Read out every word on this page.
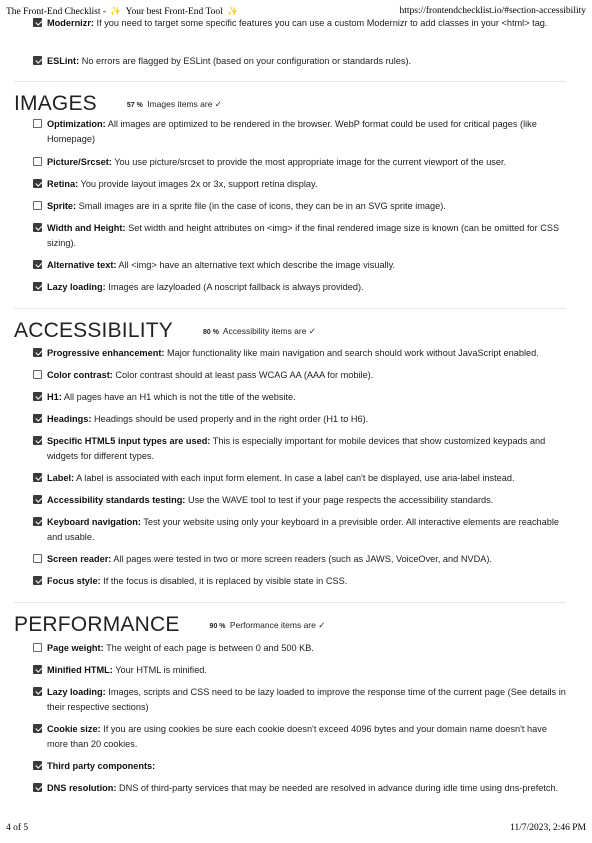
The Front-End Checklist - ✨ Your best Front-End Tool ✨	https://frontendchecklist.io/#section-accessibility
Modernizr: If you need to target some specific features you can use a custom Modernizr to add classes in your <html> tag.
ESLint: No errors are flagged by ESLint (based on your configuration or standards rules).
IMAGES	57 % Images items are ✓
Optimization: All images are optimized to be rendered in the browser. WebP format could be used for critical pages (like Homepage)
Picture/Srcset: You use picture/srcset to provide the most appropriate image for the current viewport of the user.
Retina: You provide layout images 2x or 3x, support retina display.
Sprite: Small images are in a sprite file (in the case of icons, they can be in an SVG sprite image).
Width and Height: Set width and height attributes on <img> if the final rendered image size is known (can be omitted for CSS sizing).
Alternative text: All <img> have an alternative text which describe the image visually.
Lazy loading: Images are lazyloaded (A noscript fallback is always provided).
ACCESSIBILITY	80 % Accessibility items are ✓
Progressive enhancement: Major functionality like main navigation and search should work without JavaScript enabled.
Color contrast: Color contrast should at least pass WCAG AA (AAA for mobile).
H1: All pages have an H1 which is not the title of the website.
Headings: Headings should be used properly and in the right order (H1 to H6).
Specific HTML5 input types are used: This is especially important for mobile devices that show customized keypads and widgets for different types.
Label: A label is associated with each input form element. In case a label can't be displayed, use aria-label instead.
Accessibility standards testing: Use the WAVE tool to test if your page respects the accessibility standards.
Keyboard navigation: Test your website using only your keyboard in a previsible order. All interactive elements are reachable and usable.
Screen reader: All pages were tested in two or more screen readers (such as JAWS, VoiceOver, and NVDA).
Focus style: If the focus is disabled, it is replaced by visible state in CSS.
PERFORMANCE	90 % Performance items are ✓
Page weight: The weight of each page is between 0 and 500 KB.
Minified HTML: Your HTML is minified.
Lazy loading: Images, scripts and CSS need to be lazy loaded to improve the response time of the current page (See details in their respective sections)
Cookie size: If you are using cookies be sure each cookie doesn't exceed 4096 bytes and your domain name doesn't have more than 20 cookies.
Third party components:
DNS resolution: DNS of third-party services that may be needed are resolved in advance during idle time using dns-prefetch.
4 of 5	11/7/2023, 2:46 PM
